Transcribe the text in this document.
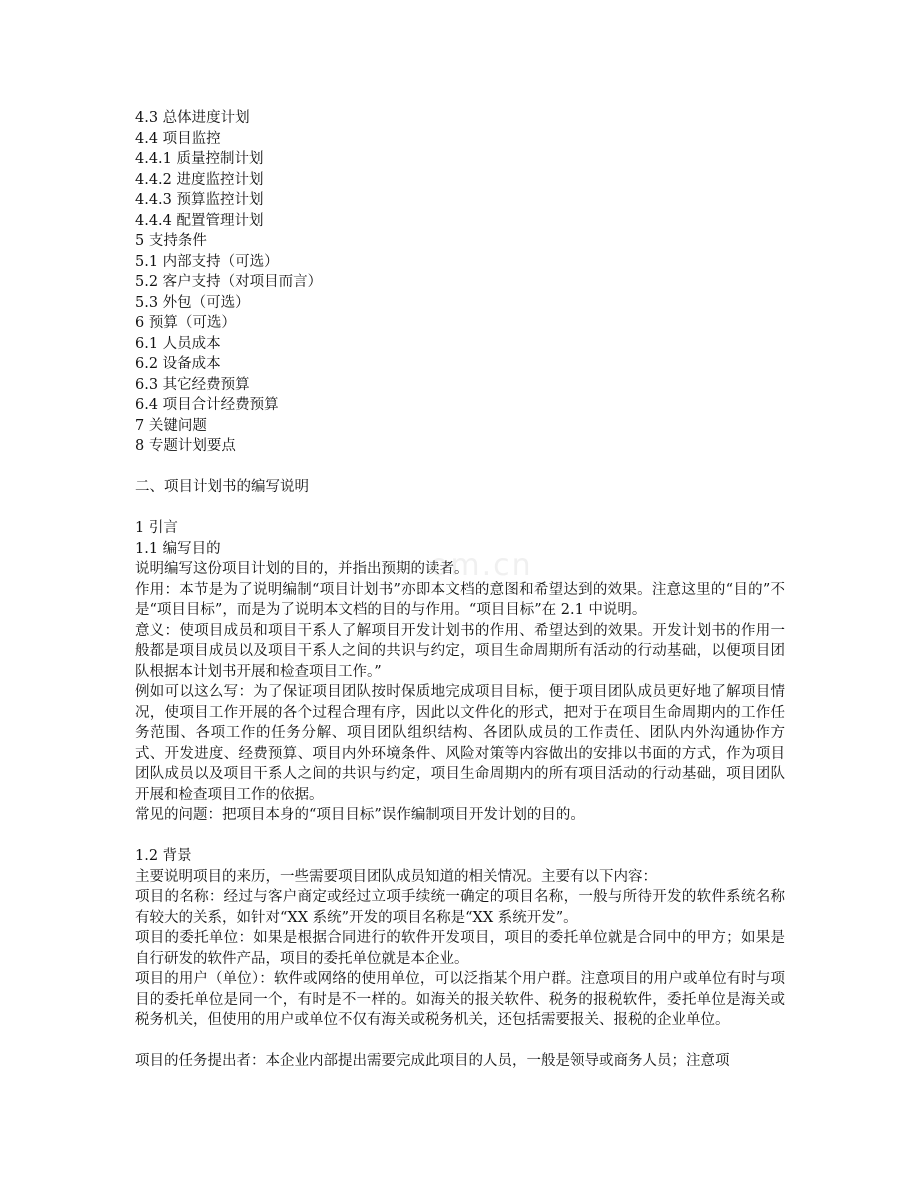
om.cn
4.3 总体进度计划
4.4 项目监控
4.4.1 质量控制计划
4.4.2 进度监控计划
4.4.3 预算监控计划
4.4.4 配置管理计划
5 支持条件
5.1 内部支持（可选）
5.2 客户支持（对项目而言）
5.3 外包（可选）
6 预算（可选）
6.1 人员成本
6.2 设备成本
6.3 其它经费预算
6.4 项目合计经费预算
7 关键问题
8 专题计划要点
二、项目计划书的编写说明
1 引言
1.1 编写目的
说明编写这份项目计划的目的，并指出预期的读者。
作用：本节是为了说明编制“项目计划书”亦即本文档的意图和希望达到的效果。注意这里的“目的”不是“项目目标”，而是为了说明本文档的目的与作用。“项目目标”在 2.1 中说明。
意义：使项目成员和项目干系人了解项目开发计划书的作用、希望达到的效果。开发计划书的作用一般都是项目成员以及项目干系人之间的共识与约定，项目生命周期所有活动的行动基础，以便项目团队根据本计划书开展和检查项目工作。”
例如可以这么写：为了保证项目团队按时保质地完成项目目标，便于项目团队成员更好地了解项目情况，使项目工作开展的各个过程合理有序，因此以文件化的形式，把对于在项目生命周期内的工作任务范围、各项工作的任务分解、项目团队组织结构、各团队成员的工作责任、团队内外沟通协作方式、开发进度、经费预算、项目内外环境条件、风险对策等内容做出的安排以书面的方式，作为项目团队成员以及项目干系人之间的共识与约定，项目生命周期内的所有项目活动的行动基础，项目团队开展和检查项目工作的依据。
常见的问题：把项目本身的“项目目标”误作编制项目开发计划的目的。
1.2 背景
主要说明项目的来历，一些需要项目团队成员知道的相关情况。主要有以下内容：
项目的名称：经过与客户商定或经过立项手续统一确定的项目名称，一般与所待开发的软件系统名称有较大的关系，如针对“XX 系统”开发的项目名称是“XX 系统开发”。
项目的委托单位：如果是根据合同进行的软件开发项目，项目的委托单位就是合同中的甲方；如果是自行研发的软件产品，项目的委托单位就是本企业。
项目的用户（单位）：软件或网络的使用单位，可以泛指某个用户群。注意项目的用户或单位有时与项目的委托单位是同一个，有时是不一样的。如海关的报关软件、税务的报税软件，委托单位是海关或税务机关，但使用的用户或单位不仅有海关或税务机关，还包括需要报关、报税的企业单位。
项目的任务提出者：本企业内部提出需要完成此项目的人员，一般是领导或商务人员；注意项
